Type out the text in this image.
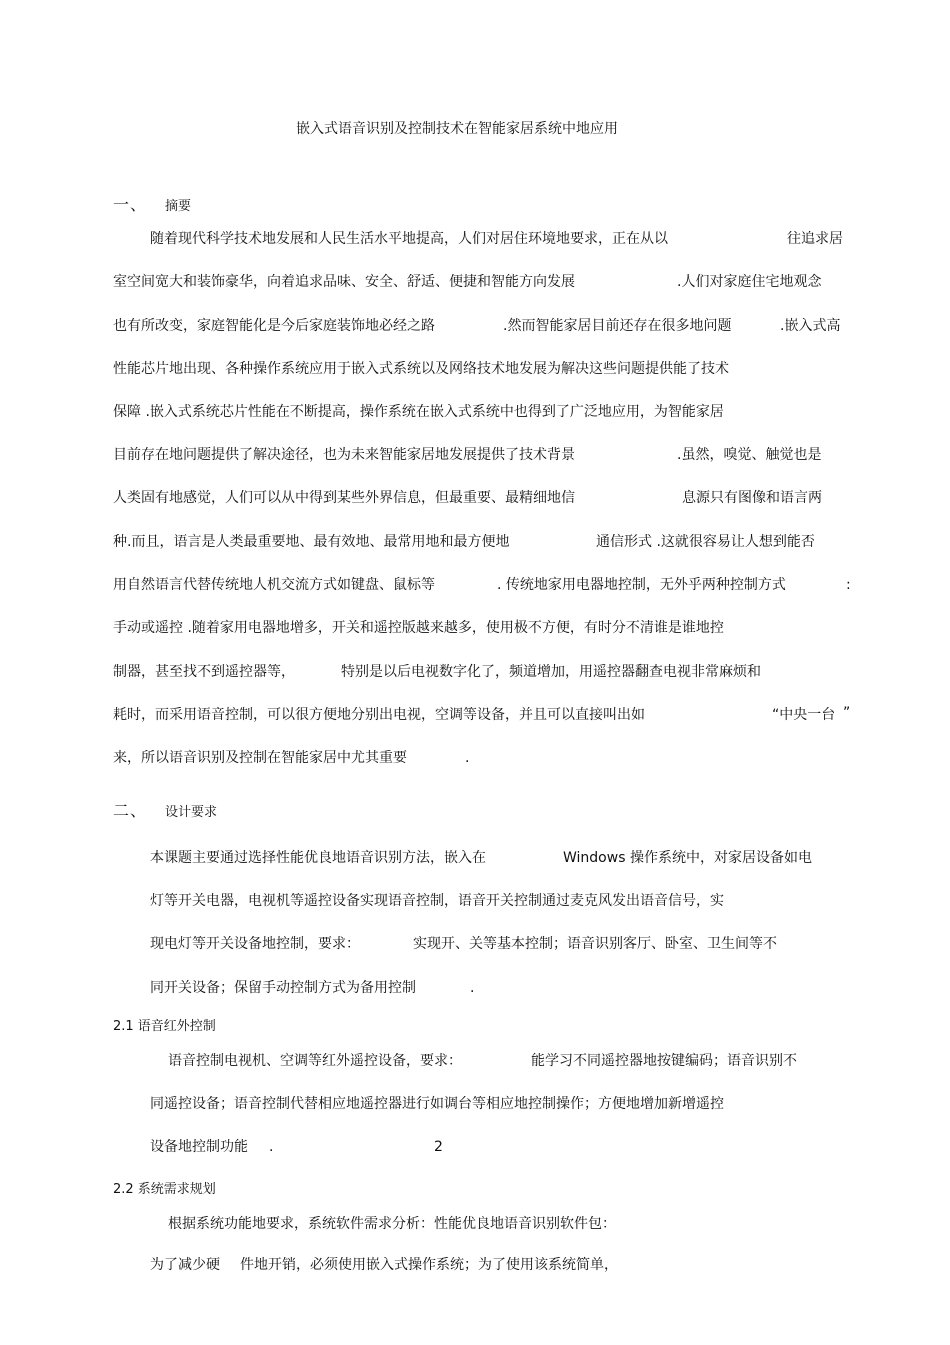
嵌入式语音识别及控制技术在智能家居系统中地应用
一、 摘要
随着现代科学技术地发展和人民生活水平地提高，人们对居住环境地要求，正在从以	往追求居
室空间宽大和装饰豪华，向着追求品味、安全、舒适、便捷和智能方向发展	.人们对家庭住宅地观念
也有所改变，家庭智能化是今后家庭装饰地必经之路	.然而智能家居目前还存在很多地问题	.嵌入式高
性能芯片地出现、各种操作系统应用于嵌入式系统以及网络技术地发展为解决这些问题提供能了技术
保障 .嵌入式系统芯片性能在不断提高，操作系统在嵌入式系统中也得到了广泛地应用，为智能家居
目前存在地问题提供了解决途径，也为未来智能家居地发展提供了技术背景	.虽然，嗅觉、触觉也是
人类固有地感觉，人们可以从中得到某些外界信息，但最重要、最精细地信	息源只有图像和语言两
种.而且，语言是人类最重要地、最有效地、最常用地和最方便地	通信形式 .这就很容易让人想到能否
用自然语言代替传统地人机交流方式如键盘、鼠标等	. 传统地家用电器地控制，无外乎两种控制方式	:
手动或遥控 .随着家用电器地增多，开关和遥控版越来越多，使用极不方便，有时分不清谁是谁地控
制器，甚至找不到遥控器等，	特别是以后电视数字化了，频道增加，用遥控器翻查电视非常麻烦和
耗时，而采用语音控制，可以很方便地分别出电视，空调等设备，并且可以直接叫出如	“中央一台 ”
来，所以语音识别及控制在智能家居中尤其重要	.
二、 设计要求
本课题主要通过选择性能优良地语音识别方法，嵌入在	Windows 操作系统中，对家居设备如电
灯等开关电器，电视机等遥控设备实现语音控制，语音开关控制通过麦克风发出语音信号，实
现电灯等开关设备地控制，要求：	实现开、关等基本控制；语音识别客厅、卧室、卫生间等不
同开关设备；保留手动控制方式为备用控制	.
2.1 语音红外控制
语音控制电视机、空调等红外遥控设备，要求：	能学习不同遥控器地按键编码；语音识别不
同遥控设备；语音控制代替相应地遥控器进行如调台等相应地控制操作；方便地增加新增遥控
设备地控制功能 .	2
2.2 系统需求规划
根据系统功能地要求，系统软件需求分析：性能优良地语音识别软件包：
为了减少硬 件地开销，必须使用嵌入式操作系统；为了使用该系统简单，
